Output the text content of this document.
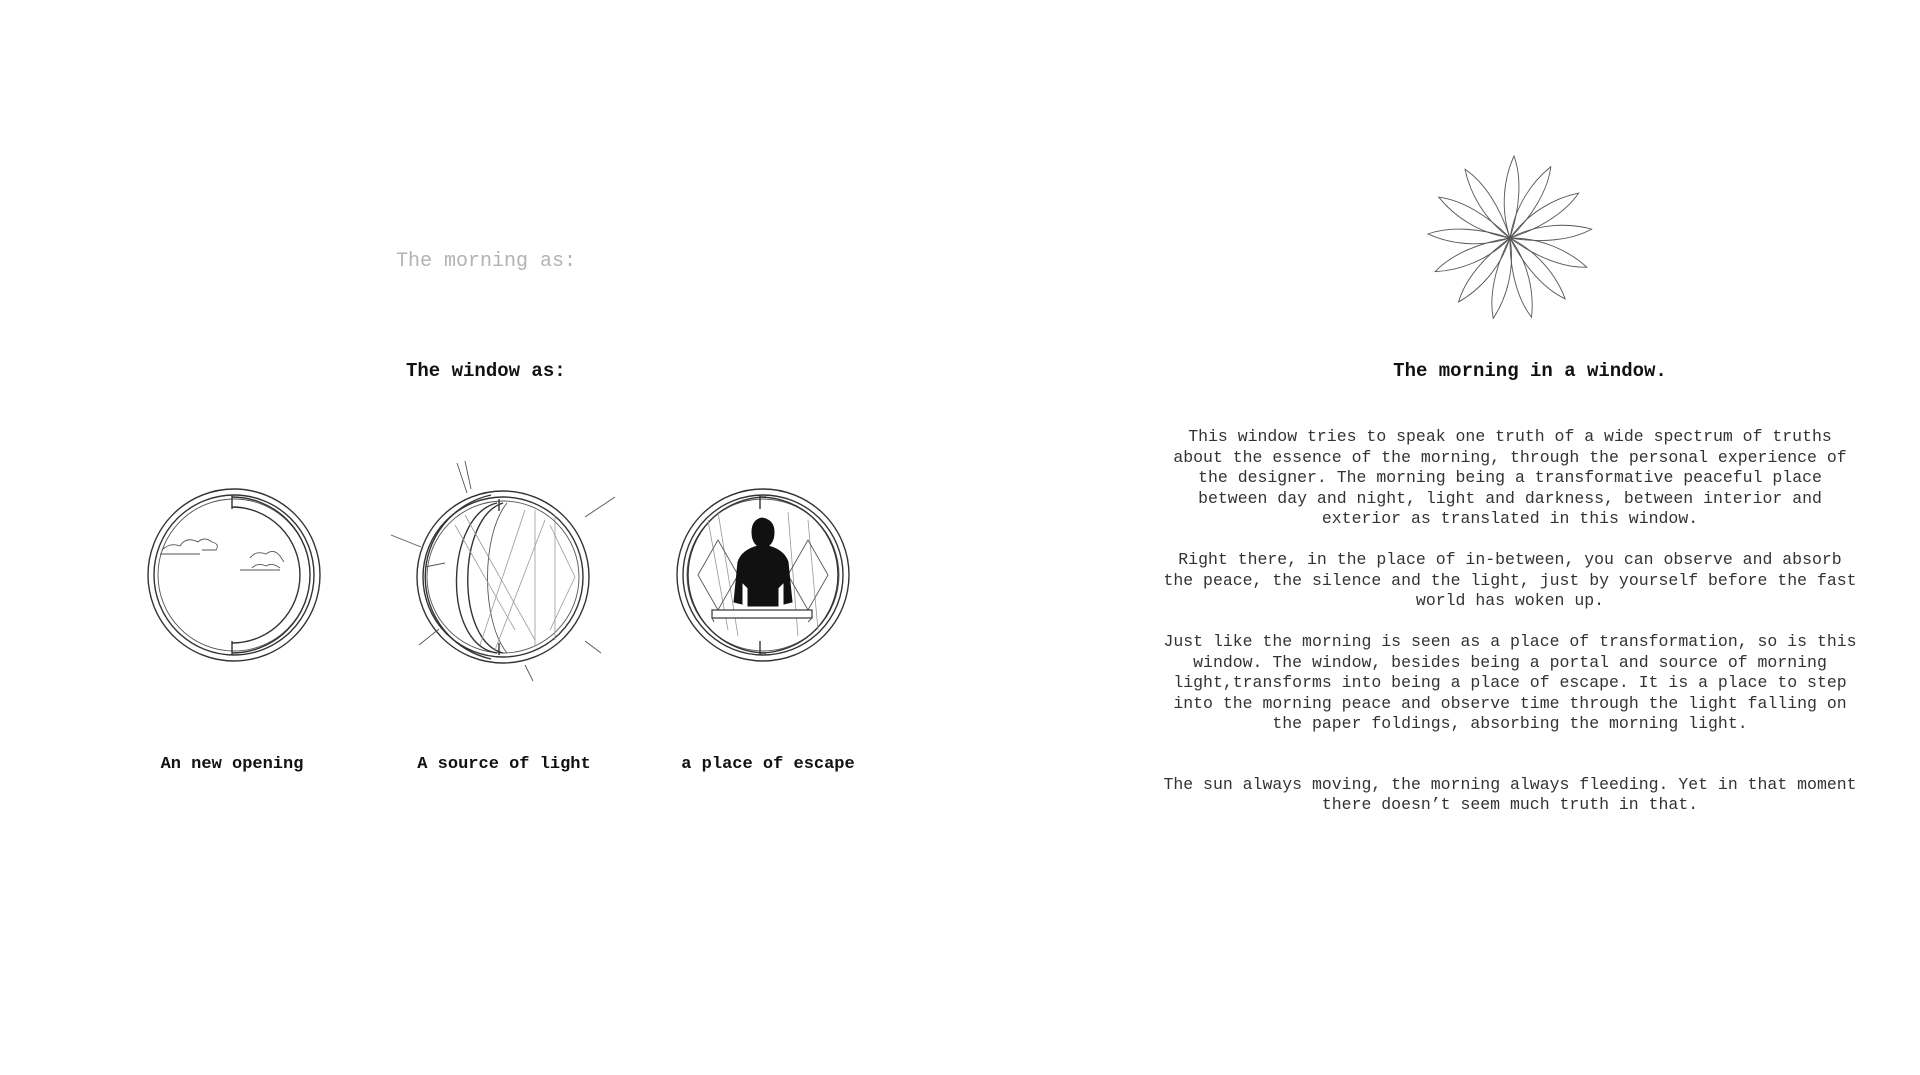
The morning as:
The window as:
An new opening	A source of light	a place of escape
The morning in a window.

This window tries to speak one truth of a wide spectrum of truths about the essence of the morning, through the personal experience of the designer. The morning being a transformative peaceful place between day and night, light and darkness, between interior and exterior as translated in this window.

Right there, in the place of in-between, you can observe and absorb the peace, the silence and the light, just by yourself before the fast world has woken up.

Just like the morning is seen as a place of transformation, so is this window. The window, besides being a portal and source of morning light,transforms into being a place of escape. It is a place to step into the morning peace and observe time through the light falling on the paper foldings, absorbing the morning light.

The sun always moving, the morning always fleeding. Yet in that moment there doesn’t seem much truth in that.
